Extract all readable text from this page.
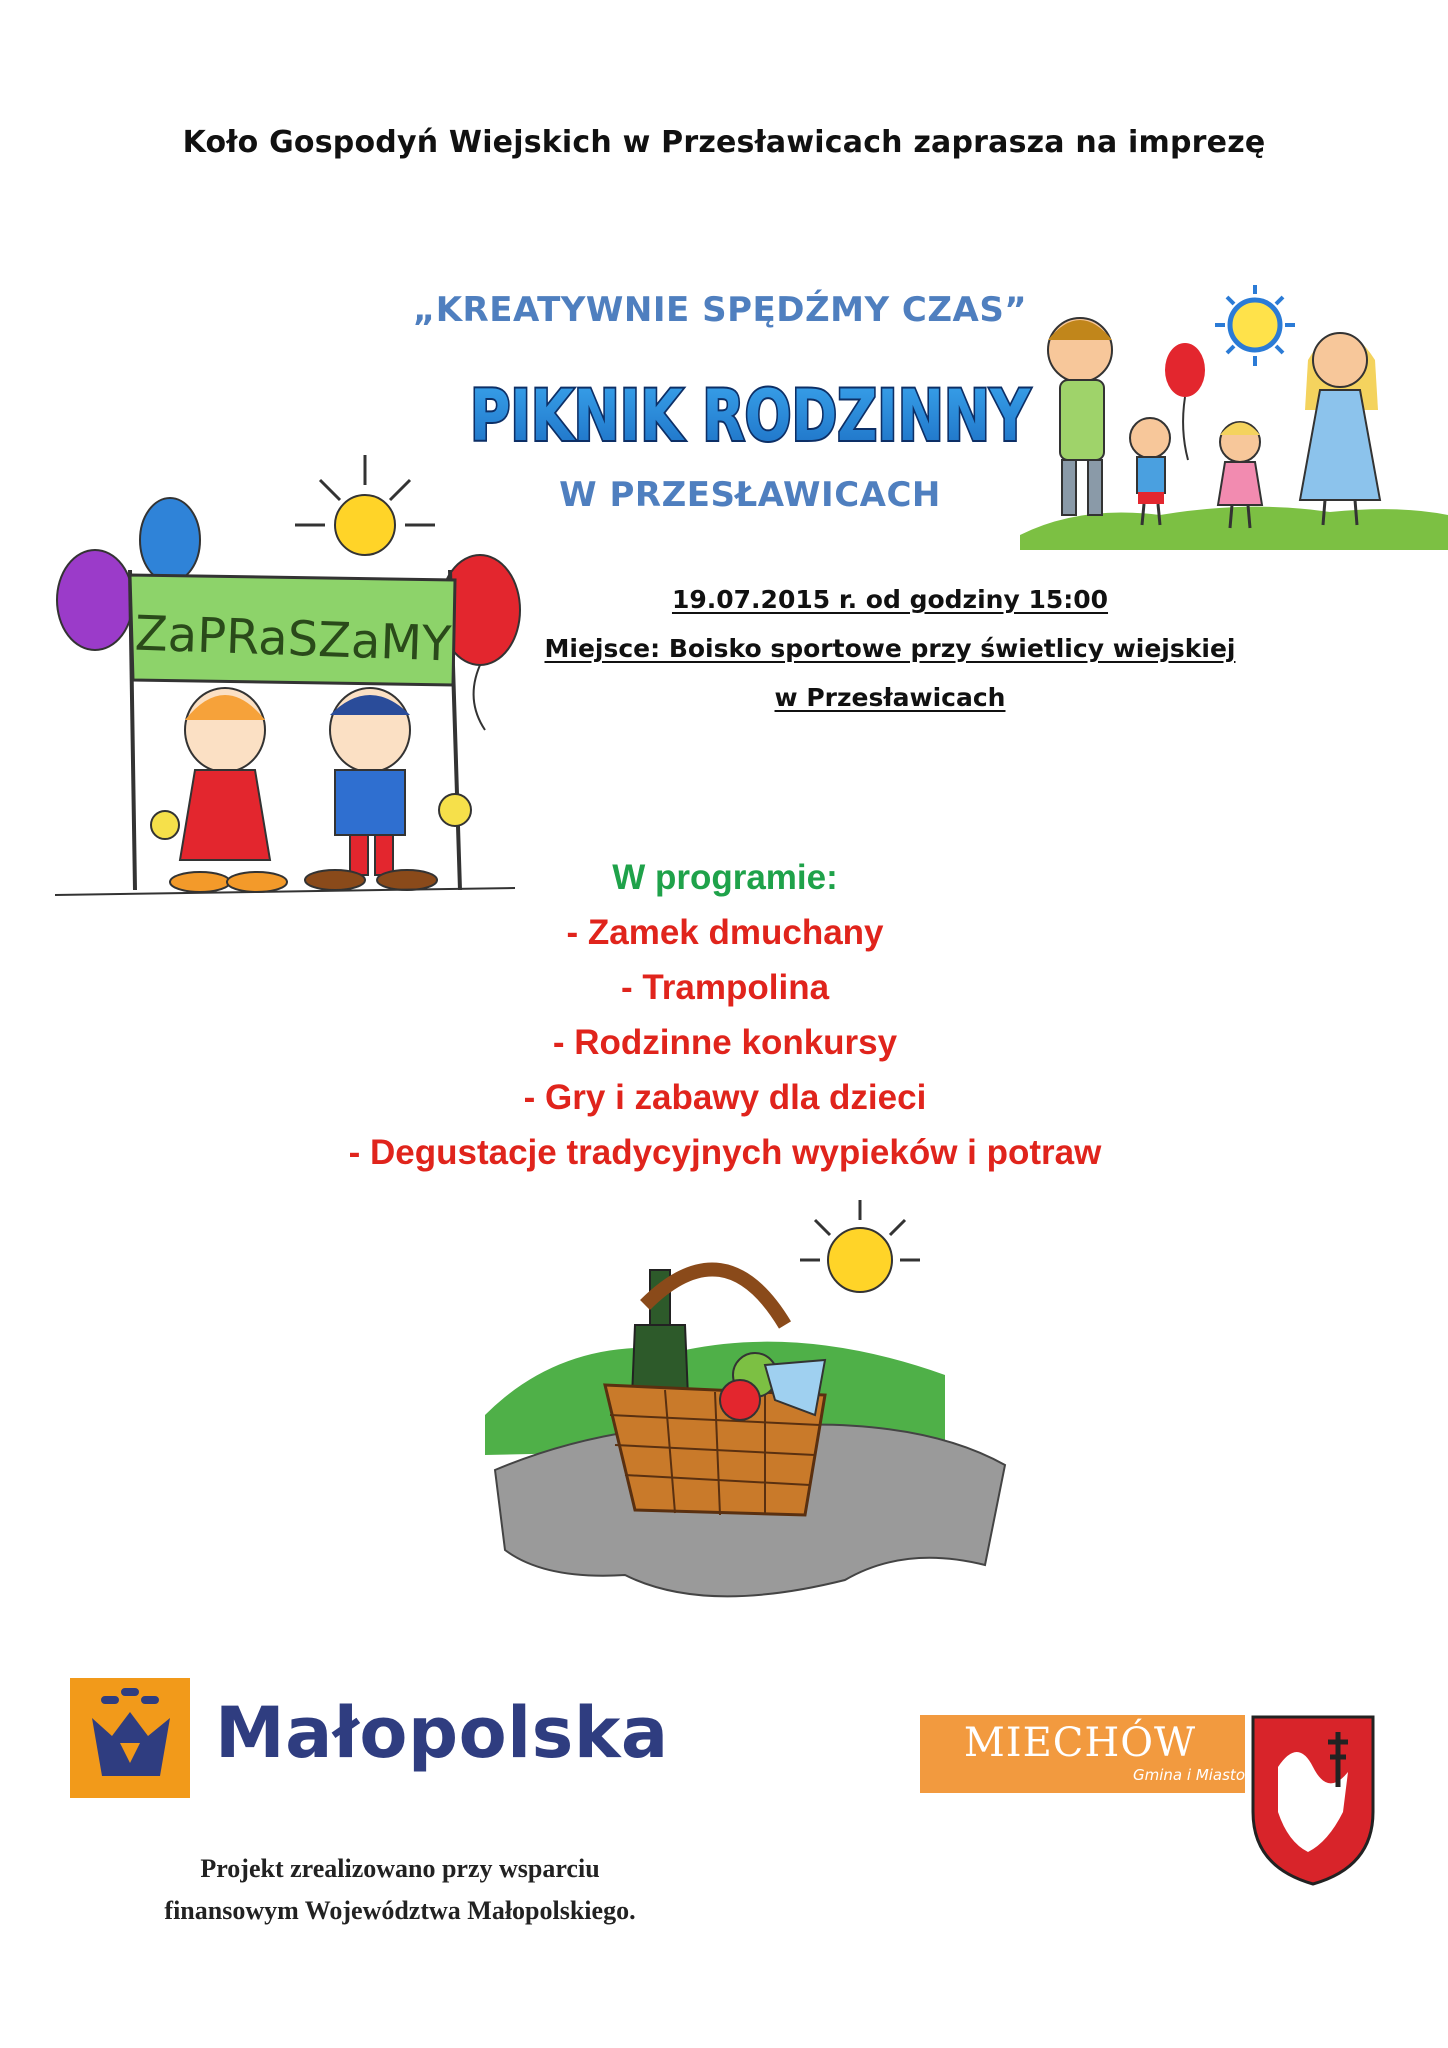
Koło Gospodyń Wiejskich w Przesławicach zaprasza na imprezę
„KREATYWNIE SPĘDŹMY CZAS”
PIKNIK RODZINNY
W PRZESŁAWICACH
ZaPRaSZaMY
19.07.2015 r. od godziny 15:00
Miejsce: Boisko sportowe przy świetlicy wiejskiej
w Przesławicach
W programie:
- Zamek dmuchany
- Trampolina
- Rodzinne konkursy
- Gry i zabawy dla dzieci
- Degustacje tradycyjnych wypieków i potraw
Małopolska	MIECHÓW
Gmina i Miasto
Projekt zrealizowano przy wsparciu
finansowym Województwa Małopolskiego.
